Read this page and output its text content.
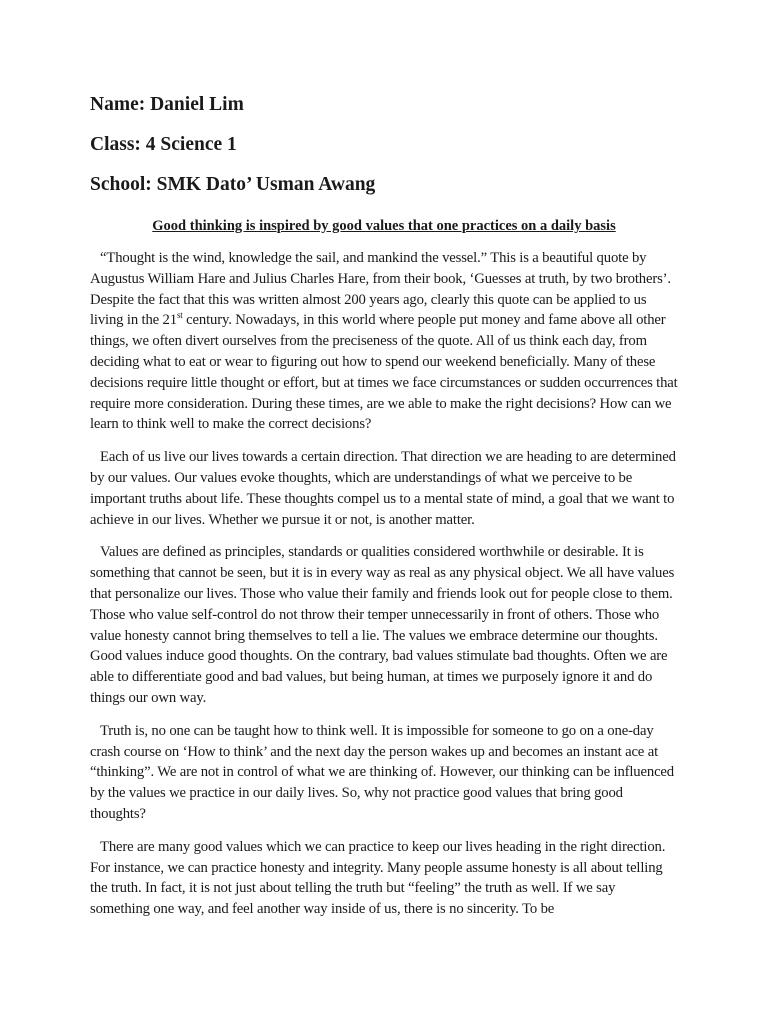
Name: Daniel Lim
Class: 4 Science 1
School: SMK Dato’ Usman Awang
Good thinking is inspired by good values that one practices on a daily basis

“Thought is the wind, knowledge the sail, and mankind the vessel.” This is a beautiful quote by Augustus William Hare and Julius Charles Hare, from their book, ‘Guesses at truth, by two brothers’. Despite the fact that this was written almost 200 years ago, clearly this quote can be applied to us living in the 21st century. Nowadays, in this world where people put money and fame above all other things, we often divert ourselves from the preciseness of the quote. All of us think each day, from deciding what to eat or wear to figuring out how to spend our weekend beneficially. Many of these decisions require little thought or effort, but at times we face circumstances or sudden occurrences that require more consideration. During these times, are we able to make the right decisions? How can we learn to think well to make the correct decisions?

Each of us live our lives towards a certain direction. That direction we are heading to are determined by our values. Our values evoke thoughts, which are understandings of what we perceive to be important truths about life. These thoughts compel us to a mental state of mind, a goal that we want to achieve in our lives. Whether we pursue it or not, is another matter.

Values are defined as principles, standards or qualities considered worthwhile or desirable. It is something that cannot be seen, but it is in every way as real as any physical object. We all have values that personalize our lives. Those who value their family and friends look out for people close to them. Those who value self-control do not throw their temper unnecessarily in front of others. Those who value honesty cannot bring themselves to tell a lie. The values we embrace determine our thoughts. Good values induce good thoughts. On the contrary, bad values stimulate bad thoughts. Often we are able to differentiate good and bad values, but being human, at times we purposely ignore it and do things our own way.

Truth is, no one can be taught how to think well. It is impossible for someone to go on a one-day crash course on ‘How to think’ and the next day the person wakes up and becomes an instant ace at “thinking”. We are not in control of what we are thinking of. However, our thinking can be influenced by the values we practice in our daily lives. So, why not practice good values that bring good thoughts?

There are many good values which we can practice to keep our lives heading in the right direction. For instance, we can practice honesty and integrity. Many people assume honesty is all about telling the truth. In fact, it is not just about telling the truth but “feeling” the truth as well. If we say something one way, and feel another way inside of us, there is no sincerity. To be
